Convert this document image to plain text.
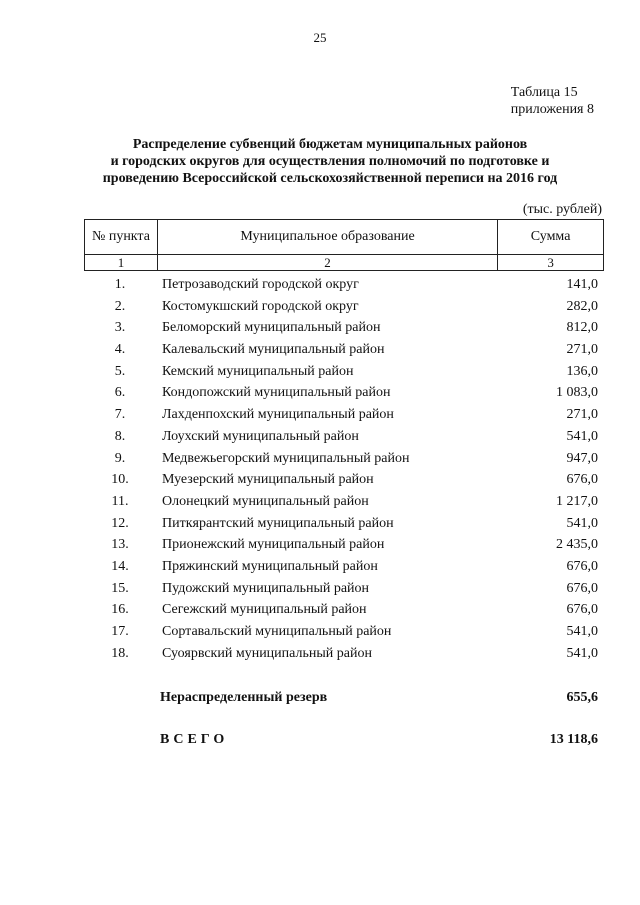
25
Таблица 15
приложения 8
Распределение субвенций бюджетам муниципальных районов
и городских округов для осуществления полномочий по подготовке и
проведению Всероссийской сельскохозяйственной переписи на 2016 год
(тыс. рублей)
№ пункта	Муниципальное образование	Сумма
1	2	3
1.	Петрозаводский городской округ	141,0
2.	Костомукшский городской округ	282,0
3.	Беломорский муниципальный район	812,0
4.	Калевальский муниципальный район	271,0
5.	Кемский муниципальный район	136,0
6.	Кондопожский муниципальный район	1 083,0
7.	Лахденпохский муниципальный район	271,0
8.	Лоухский муниципальный район	541,0
9.	Медвежьегорский муниципальный район	947,0
10.	Муезерский муниципальный район	676,0
11.	Олонецкий муниципальный район	1 217,0
12.	Питкярантский муниципальный район	541,0
13.	Прионежский муниципальный район	2 435,0
14.	Пряжинский муниципальный район	676,0
15.	Пудожский муниципальный район	676,0
16.	Сегежский муниципальный район	676,0
17.	Сортавальский муниципальный район	541,0
18.	Суоярвский муниципальный район	541,0
Нераспределенный резерв	655,6
ВСЕГО	13 118,6
